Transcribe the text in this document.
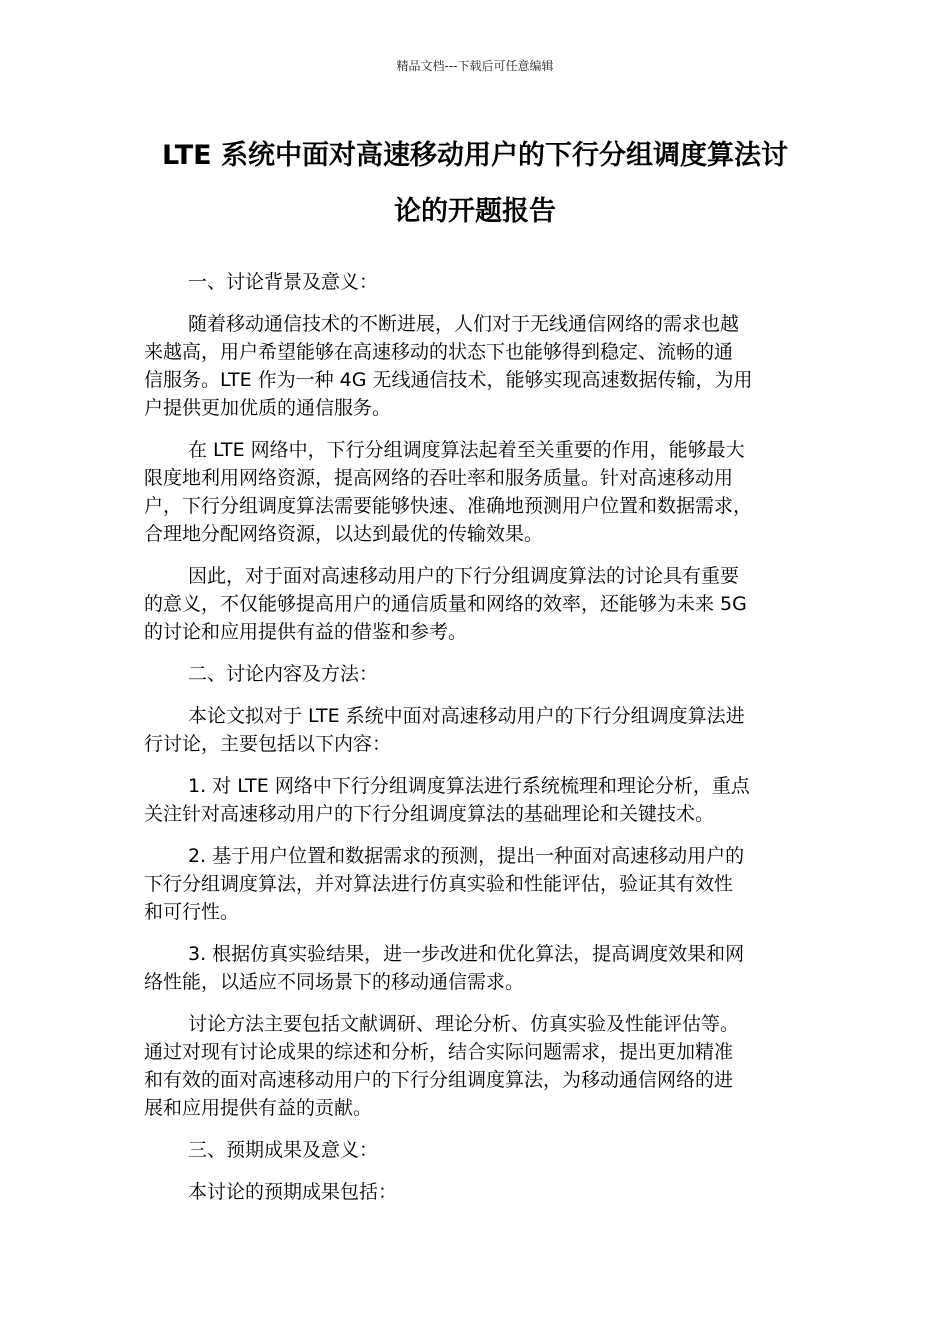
精品文档---下载后可任意编辑
LTE 系统中面对高速移动用户的下行分组调度算法讨
论的开题报告

一、讨论背景及意义：

随着移动通信技术的不断进展，人们对于无线通信网络的需求也越
来越高，用户希望能够在高速移动的状态下也能够得到稳定、流畅的通
信服务。LTE 作为一种 4G 无线通信技术，能够实现高速数据传输，为用
户提供更加优质的通信服务。

在 LTE 网络中，下行分组调度算法起着至关重要的作用，能够最大
限度地利用网络资源，提高网络的吞吐率和服务质量。针对高速移动用
户，下行分组调度算法需要能够快速、准确地预测用户位置和数据需求，
合理地分配网络资源，以达到最优的传输效果。

因此，对于面对高速移动用户的下行分组调度算法的讨论具有重要
的意义，不仅能够提高用户的通信质量和网络的效率，还能够为未来 5G
的讨论和应用提供有益的借鉴和参考。

二、讨论内容及方法：

本论文拟对于 LTE 系统中面对高速移动用户的下行分组调度算法进
行讨论，主要包括以下内容：

1. 对 LTE 网络中下行分组调度算法进行系统梳理和理论分析，重点
关注针对高速移动用户的下行分组调度算法的基础理论和关键技术。

2. 基于用户位置和数据需求的预测，提出一种面对高速移动用户的
下行分组调度算法，并对算法进行仿真实验和性能评估，验证其有效性
和可行性。

3. 根据仿真实验结果，进一步改进和优化算法，提高调度效果和网
络性能，以适应不同场景下的移动通信需求。

讨论方法主要包括文献调研、理论分析、仿真实验及性能评估等。
通过对现有讨论成果的综述和分析，结合实际问题需求，提出更加精准
和有效的面对高速移动用户的下行分组调度算法，为移动通信网络的进
展和应用提供有益的贡献。

三、预期成果及意义：

本讨论的预期成果包括：
